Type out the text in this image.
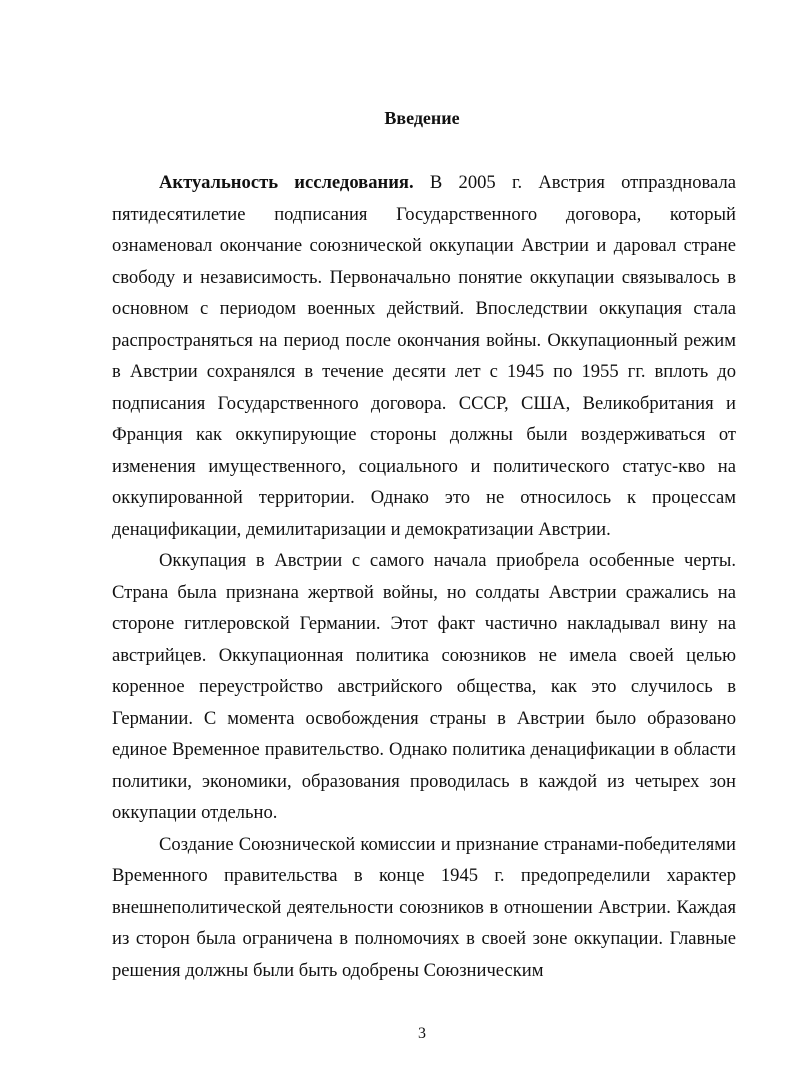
Введение

Актуальность исследования. В 2005 г. Австрия отпраздновала пятидесятилетие подписания Государственного договора, который ознаменовал окончание союзнической оккупации Австрии и даровал стране свободу и независимость. Первоначально понятие оккупации связывалось в основном с периодом военных действий. Впоследствии оккупация стала распространяться на период после окончания войны. Оккупационный режим в Австрии сохранялся в течение десяти лет с 1945 по 1955 гг. вплоть до подписания Государственного договора. СССР, США, Великобритания и Франция как оккупирующие стороны должны были воздерживаться от изменения имущественного, социального и политического статус-кво на оккупированной территории. Однако это не относилось к процессам денацификации, демилитаризации и демократизации Австрии.

Оккупация в Австрии с самого начала приобрела особенные черты. Страна была признана жертвой войны, но солдаты Австрии сражались на стороне гитлеровской Германии. Этот факт частично накладывал вину на австрийцев. Оккупационная политика союзников не имела своей целью коренное переустройство австрийского общества, как это случилось в Германии. С момента освобождения страны в Австрии было образовано единое Временное правительство. Однако политика денацификации в области политики, экономики, образования проводилась в каждой из четырех зон оккупации отдельно.

Создание Союзнической комиссии и признание странами-победителями Временного правительства в конце 1945 г. предопределили характер внешнеполитической деятельности союзников в отношении Австрии. Каждая из сторон была ограничена в полномочиях в своей зоне оккупации. Главные решения должны были быть одобрены Союзническим

3
